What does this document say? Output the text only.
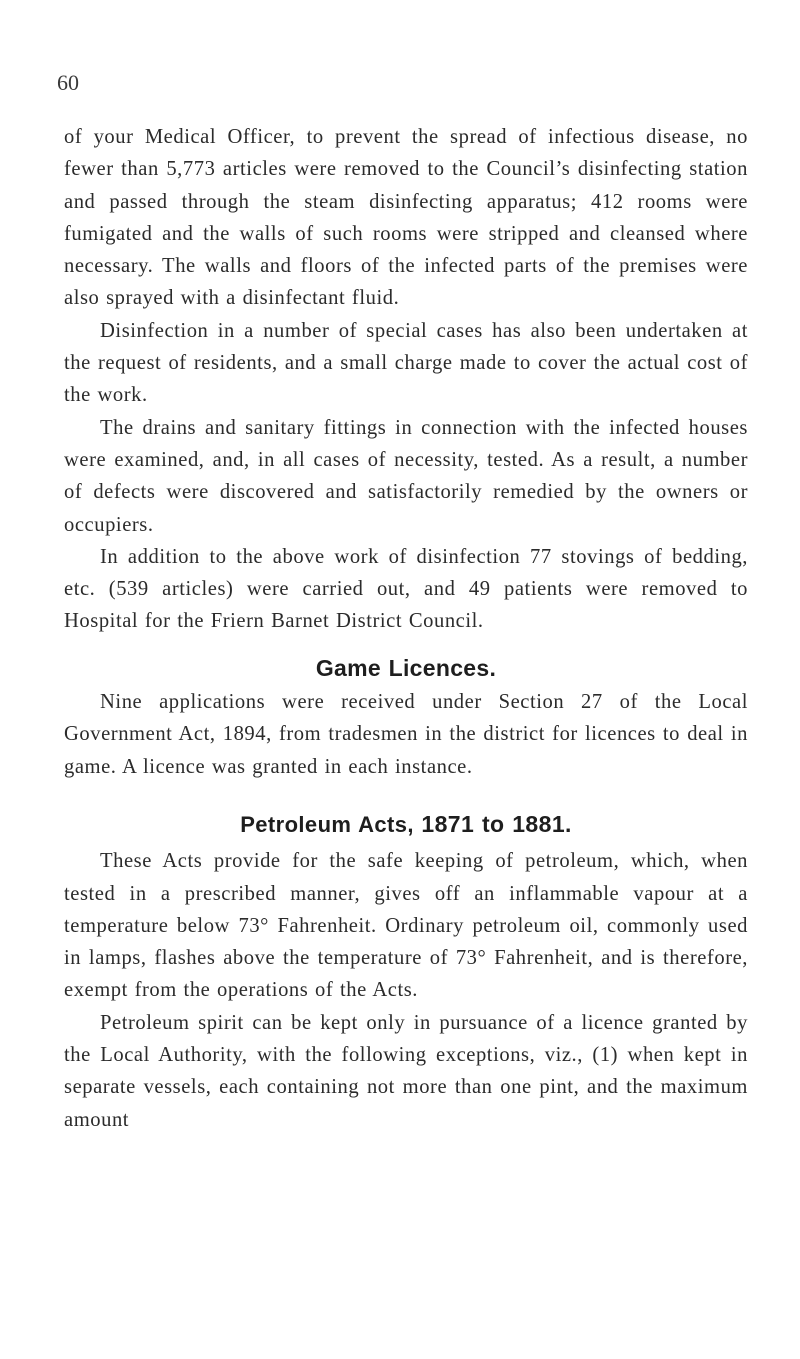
60

of your Medical Officer, to prevent the spread of infectious disease, no fewer than 5,773 articles were removed to the Council’s disinfecting station and passed through the steam disinfecting apparatus; 412 rooms were fumigated and the walls of such rooms were stripped and cleansed where necessary. The walls and floors of the infected parts of the premises were also sprayed with a disinfectant fluid.

Disinfection in a number of special cases has also been undertaken at the request of residents, and a small charge made to cover the actual cost of the work.

The drains and sanitary fittings in connection with the infected houses were examined, and, in all cases of necessity, tested. As a result, a number of defects were discovered and satisfactorily remedied by the owners or occupiers.

In addition to the above work of disinfection 77 stovings of bedding, etc. (539 articles) were carried out, and 49 patients were removed to Hospital for the Friern Barnet District Council.

Game Licences.

Nine applications were received under Section 27 of the Local Government Act, 1894, from tradesmen in the district for licences to deal in game. A licence was granted in each instance.

Petroleum Acts, 1871 to 1881.

These Acts provide for the safe keeping of petroleum, which, when tested in a prescribed manner, gives off an inflammable vapour at a temperature below 73° Fahrenheit. Ordinary petroleum oil, commonly used in lamps, flashes above the temperature of 73° Fahrenheit, and is therefore, exempt from the operations of the Acts.

Petroleum spirit can be kept only in pursuance of a licence granted by the Local Authority, with the following exceptions, viz., (1) when kept in separate vessels, each containing not more than one pint, and the maximum amount
